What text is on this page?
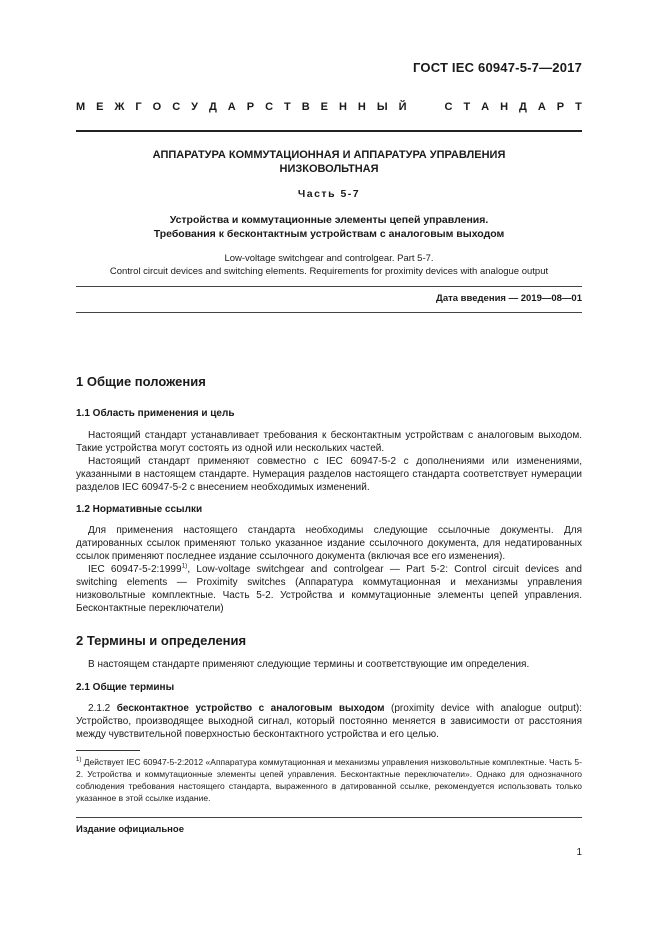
ГОСТ IEC 60947-5-7—2017
М Е Ж Г О С У Д А Р С Т В Е Н Н Ы Й	С Т А Н Д А Р Т
АППАРАТУРА КОММУТАЦИОННАЯ И АППАРАТУРА УПРАВЛЕНИЯ
НИЗКОВОЛЬТНАЯ
Часть 5-7
Устройства и коммутационные элементы цепей управления.
Требования к бесконтактным устройствам с аналоговым выходом
Low-voltage switchgear and controlgear. Part 5-7.
Control circuit devices and switching elements. Requirements for proximity devices with analogue output
Дата введения — 2019—08—01
1 Общие положения
1.1 Область применения и цель

Настоящий стандарт устанавливает требования к бесконтактным устройствам с аналоговым выходом. Такие устройства могут состоять из одной или нескольких частей.

Настоящий стандарт применяют совместно с IEC 60947-5-2 с дополнениями или изменениями, указанными в настоящем стандарте. Нумерация разделов настоящего стандарта соответствует нумерации разделов IEC 60947-5-2 с внесением необходимых изменений.

1.2 Нормативные ссылки

Для применения настоящего стандарта необходимы следующие ссылочные документы. Для датированных ссылок применяют только указанное издание ссылочного документа, для недатированных ссылок применяют последнее издание ссылочного документа (включая все его изменения).

IEC 60947-5-2:1999$^{1)}$, Low-voltage switchgear and controlgear — Part 5-2: Control circuit devices and switching elements — Proximity switches (Аппаратура коммутационная и механизмы управления низковольтные комплектные. Часть 5-2. Устройства и коммутационные элементы цепей управления. Бесконтактные переключатели)

2 Термины и определения

В настоящем стандарте применяют следующие термины и соответствующие им определения.

2.1 Общие термины

2.1.2 бесконтактное устройство с аналоговым выходом (proximity device with analogue output): Устройство, производящее выходной сигнал, который постоянно меняется в зависимости от расстояния между чувствительной поверхностью бесконтактного устройства и его целью.

$^{1)}$ Действует IEC 60947-5-2:2012 «Аппаратура коммутационная и механизмы управления низковольтные комплектные. Часть 5-2. Устройства и коммутационные элементы цепей управления. Бесконтактные переключатели». Однако для однозначного соблюдения требования настоящего стандарта, выраженного в датированной ссылке, рекомендуется использовать только указанное в этой ссылке издание.
Издание официальное
1
